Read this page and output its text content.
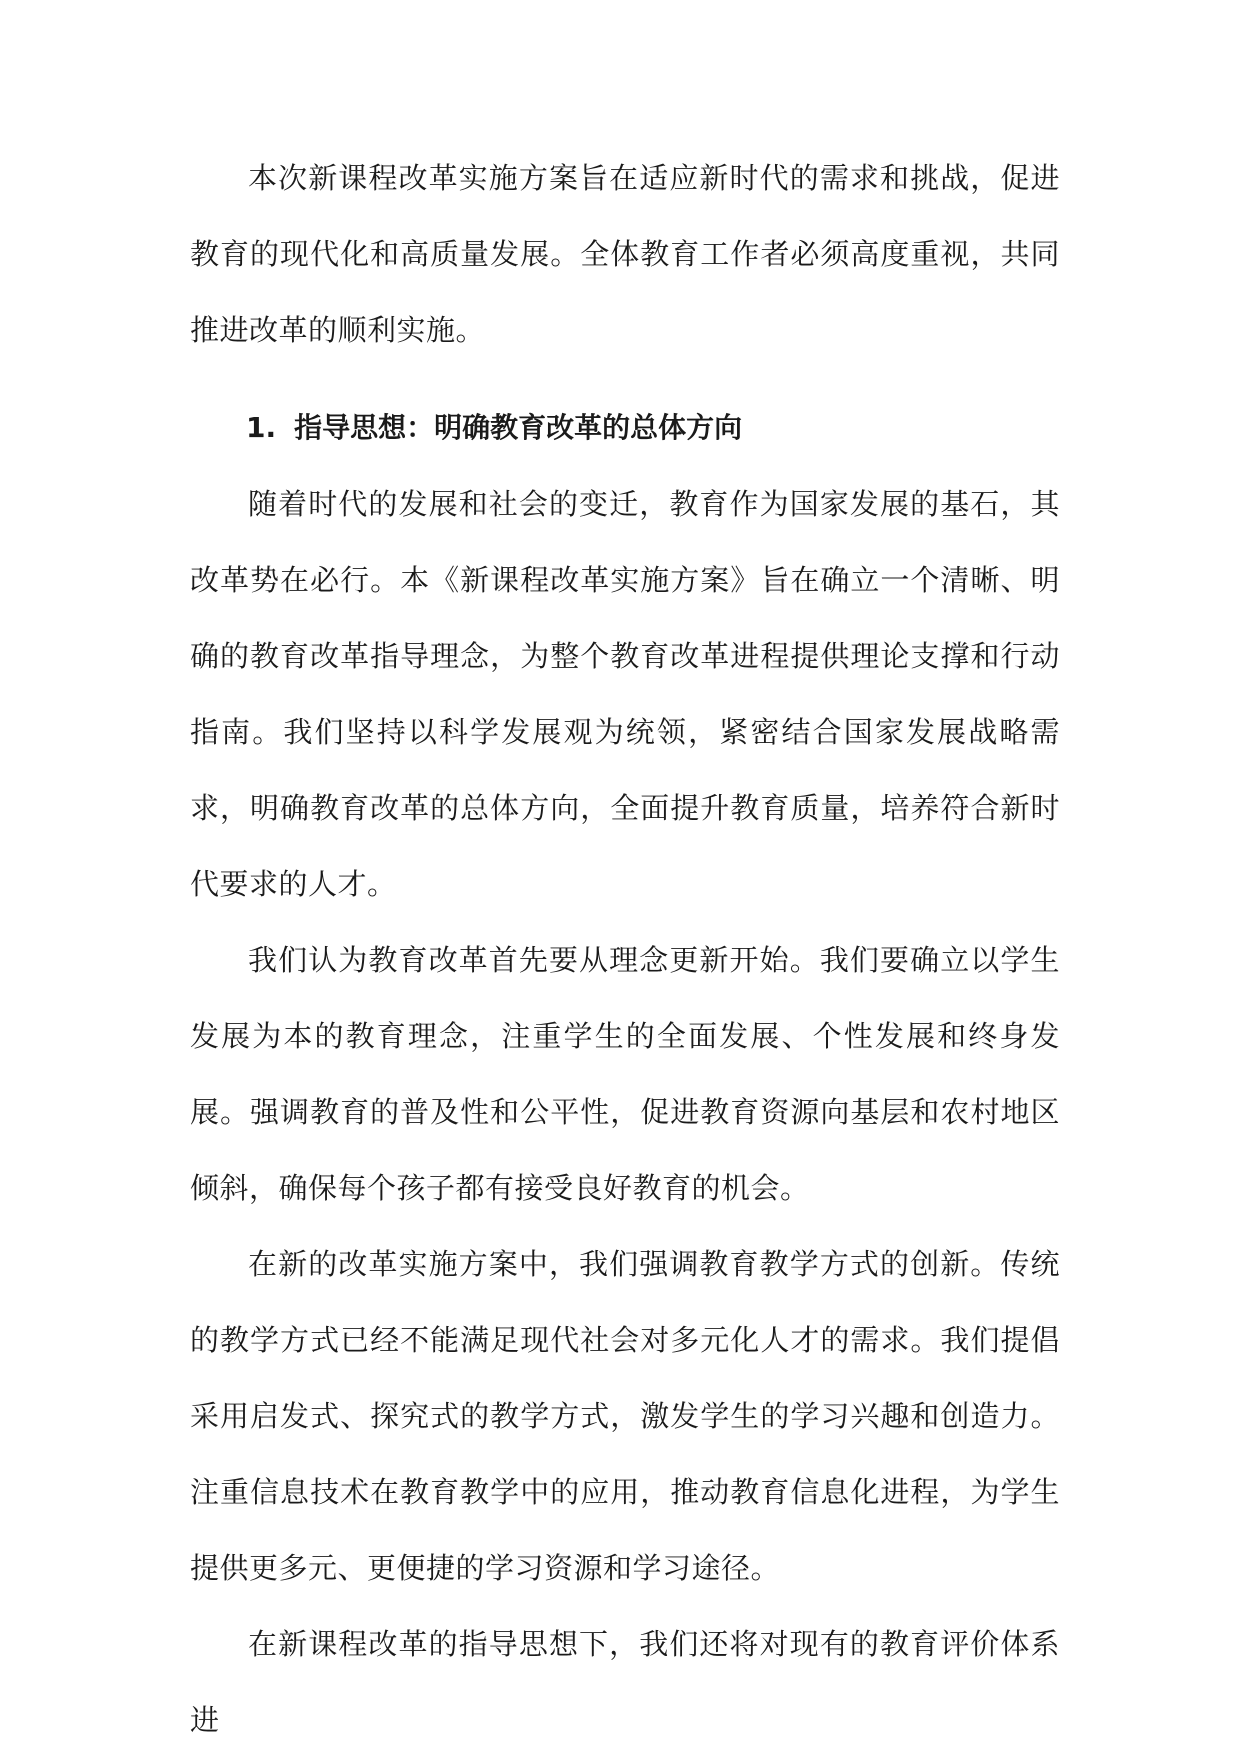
本次新课程改革实施方案旨在适应新时代的需求和挑战，促进教育的现代化和高质量发展。全体教育工作者必须高度重视，共同推进改革的顺利实施。

1. 指导思想：明确教育改革的总体方向

随着时代的发展和社会的变迁，教育作为国家发展的基石，其改革势在必行。本《新课程改革实施方案》旨在确立一个清晰、明确的教育改革指导理念，为整个教育改革进程提供理论支撑和行动指南。我们坚持以科学发展观为统领，紧密结合国家发展战略需求，明确教育改革的总体方向，全面提升教育质量，培养符合新时代要求的人才。

我们认为教育改革首先要从理念更新开始。我们要确立以学生发展为本的教育理念，注重学生的全面发展、个性发展和终身发展。强调教育的普及性和公平性，促进教育资源向基层和农村地区倾斜，确保每个孩子都有接受良好教育的机会。

在新的改革实施方案中，我们强调教育教学方式的创新。传统的教学方式已经不能满足现代社会对多元化人才的需求。我们提倡采用启发式、探究式的教学方式，激发学生的学习兴趣和创造力。注重信息技术在教育教学中的应用，推动教育信息化进程，为学生提供更多元、更便捷的学习资源和学习途径。

在新课程改革的指导思想下，我们还将对现有的教育评价体系进
